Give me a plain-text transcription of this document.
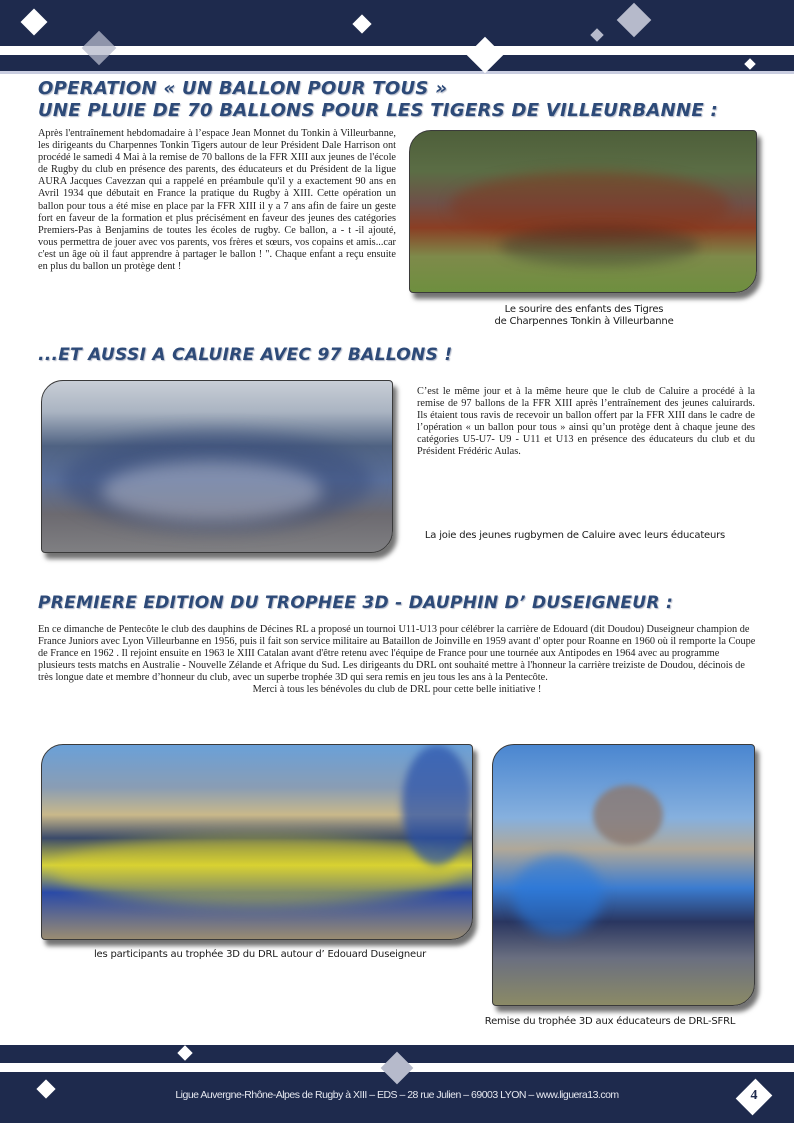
OPERATION « UN BALLON POUR TOUS »
UNE PLUIE DE 70 BALLONS POUR LES TIGERS DE VILLEURBANNE :
Après l'entraînement hebdomadaire à l’espace Jean Monnet du Tonkin à Villeurbanne, les dirigeants du Charpennes Tonkin Tigers autour de leur Président Dale Harrison ont procédé le samedi 4 Mai à la remise de 70 ballons de la FFR XIII aux jeunes de l'école de Rugby du club en présence des parents, des éducateurs et du Président de la ligue AURA Jacques Cavezzan qui a rappelé en préambule qu'il y a exactement 90 ans en Avril 1934 que débutait en France la pratique du Rugby à XIII. Cette opération un ballon pour tous a été mise en place par la FFR XIII il y a 7 ans afin de faire un geste fort en faveur de la formation et plus précisément en faveur des jeunes des catégories Premiers-Pas à Benjamins de toutes les écoles de rugby. Ce ballon, a - t -il ajouté, vous permettra de jouer avec vos parents, vos frères et sœurs, vos copains et amis...car c'est un âge où il faut apprendre à partager le ballon ! ". Chaque enfant a reçu ensuite en plus du ballon un protège dent !
Le sourire des enfants des Tigres
de Charpennes Tonkin à Villeurbanne
...ET AUSSI A CALUIRE AVEC 97 BALLONS !
C’est le même jour et à la même heure que le club de Caluire a procédé à la remise de 97 ballons de la FFR XIII après l’entraînement des jeunes caluirards. Ils étaient tous ravis de recevoir un ballon offert par la FFR XIII dans le cadre de l’opération « un ballon pour tous » ainsi qu’un protège dent à chaque jeune des catégories U5-U7- U9 - U11 et U13 en présence des éducateurs du club et du Président Frédéric Aulas.
La joie des jeunes rugbymen de Caluire avec leurs éducateurs
PREMIERE EDITION DU TROPHEE 3D - DAUPHIN D’ DUSEIGNEUR :
En ce dimanche de Pentecôte le club des dauphins de Décines RL a proposé un tournoi U11-U13 pour célébrer la carrière de Edouard (dit Doudou) Duseigneur champion de France Juniors avec Lyon Villeurbanne en 1956, puis il fait son service militaire au Bataillon de Joinville en 1959 avant d' opter pour Roanne en 1960 où il remporte la Coupe de France en 1962 . Il rejoint ensuite en 1963 le XIII Catalan avant d'être retenu avec l'équipe de France pour une tournée aux Antipodes en 1964 avec au programme plusieurs tests matchs en Australie - Nouvelle Zélande et Afrique du Sud. Les dirigeants du DRL ont souhaité mettre à l'honneur la carrière treiziste de Doudou, décinois de très longue date et membre d’honneur du club, avec un superbe trophée 3D qui sera remis en jeu tous les ans à la Pentecôte.
Merci à tous les bénévoles du club de DRL pour cette belle initiative !
les participants au trophée 3D du DRL autour d’ Edouard Duseigneur
Remise du trophée 3D aux éducateurs de DRL-SFRL
Ligue Auvergne-Rhône-Alpes de Rugby à XIII – EDS – 28 rue Julien – 69003 LYON – www.liguera13.com	4
